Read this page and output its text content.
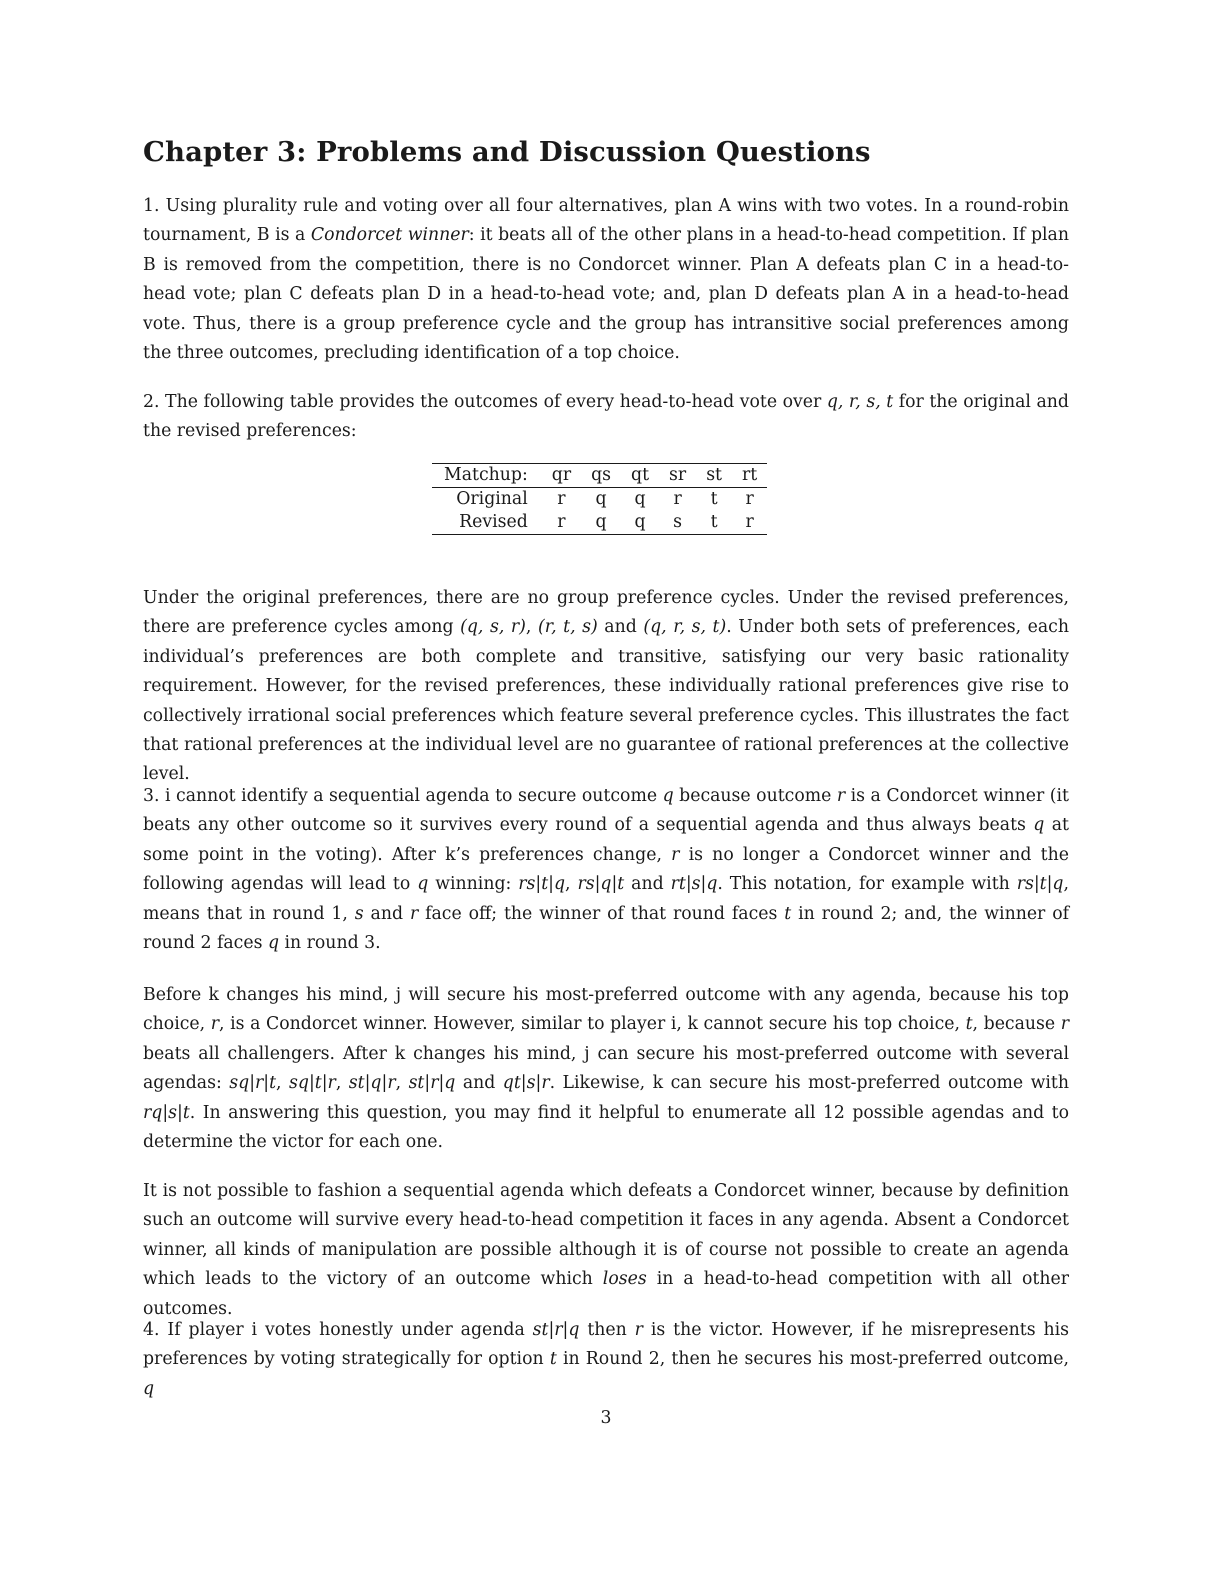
Chapter 3: Problems and Discussion Questions

1. Using plurality rule and voting over all four alternatives, plan A wins with two votes. In a round-robin tournament, B is a Condorcet winner: it beats all of the other plans in a head-to-head competition. If plan B is removed from the competition, there is no Condorcet winner. Plan A defeats plan C in a head-to-head vote; plan C defeats plan D in a head-to-head vote; and, plan D defeats plan A in a head-to-head vote. Thus, there is a group preference cycle and the group has intransitive social preferences among the three outcomes, precluding identification of a top choice.

2. The following table provides the outcomes of every head-to-head vote over q, r, s, t for the original and the revised preferences:

Matchup:	qr	qs	qt	sr	st	rt
Original	r	q	q	r	t	r
Revised	r	q	q	s	t	r

Under the original preferences, there are no group preference cycles. Under the revised preferences, there are preference cycles among (q, s, r), (r, t, s) and (q, r, s, t). Under both sets of preferences, each individual’s preferences are both complete and transitive, satisfying our very basic rationality requirement. However, for the revised preferences, these individually rational preferences give rise to collectively irrational social preferences which feature several preference cycles. This illustrates the fact that rational preferences at the individual level are no guarantee of rational preferences at the collective level.

3. i cannot identify a sequential agenda to secure outcome q because outcome r is a Condorcet winner (it beats any other outcome so it survives every round of a sequential agenda and thus always beats q at some point in the voting). After k’s preferences change, r is no longer a Condorcet winner and the following agendas will lead to q winning: rs|t|q, rs|q|t and rt|s|q. This notation, for example with rs|t|q, means that in round 1, s and r face off; the winner of that round faces t in round 2; and, the winner of round 2 faces q in round 3.

Before k changes his mind, j will secure his most-preferred outcome with any agenda, because his top choice, r, is a Condorcet winner. However, similar to player i, k cannot secure his top choice, t, because r beats all challengers. After k changes his mind, j can secure his most-preferred outcome with several agendas: sq|r|t, sq|t|r, st|q|r, st|r|q and qt|s|r. Likewise, k can secure his most-preferred outcome with rq|s|t. In answering this question, you may find it helpful to enumerate all 12 possible agendas and to determine the victor for each one.

It is not possible to fashion a sequential agenda which defeats a Condorcet winner, because by definition such an outcome will survive every head-to-head competition it faces in any agenda. Absent a Condorcet winner, all kinds of manipulation are possible although it is of course not possible to create an agenda which leads to the victory of an outcome which loses in a head-to-head competition with all other outcomes.

4. If player i votes honestly under agenda st|r|q then r is the victor. However, if he misrepresents his preferences by voting strategically for option t in Round 2, then he secures his most-preferred outcome, q

3
